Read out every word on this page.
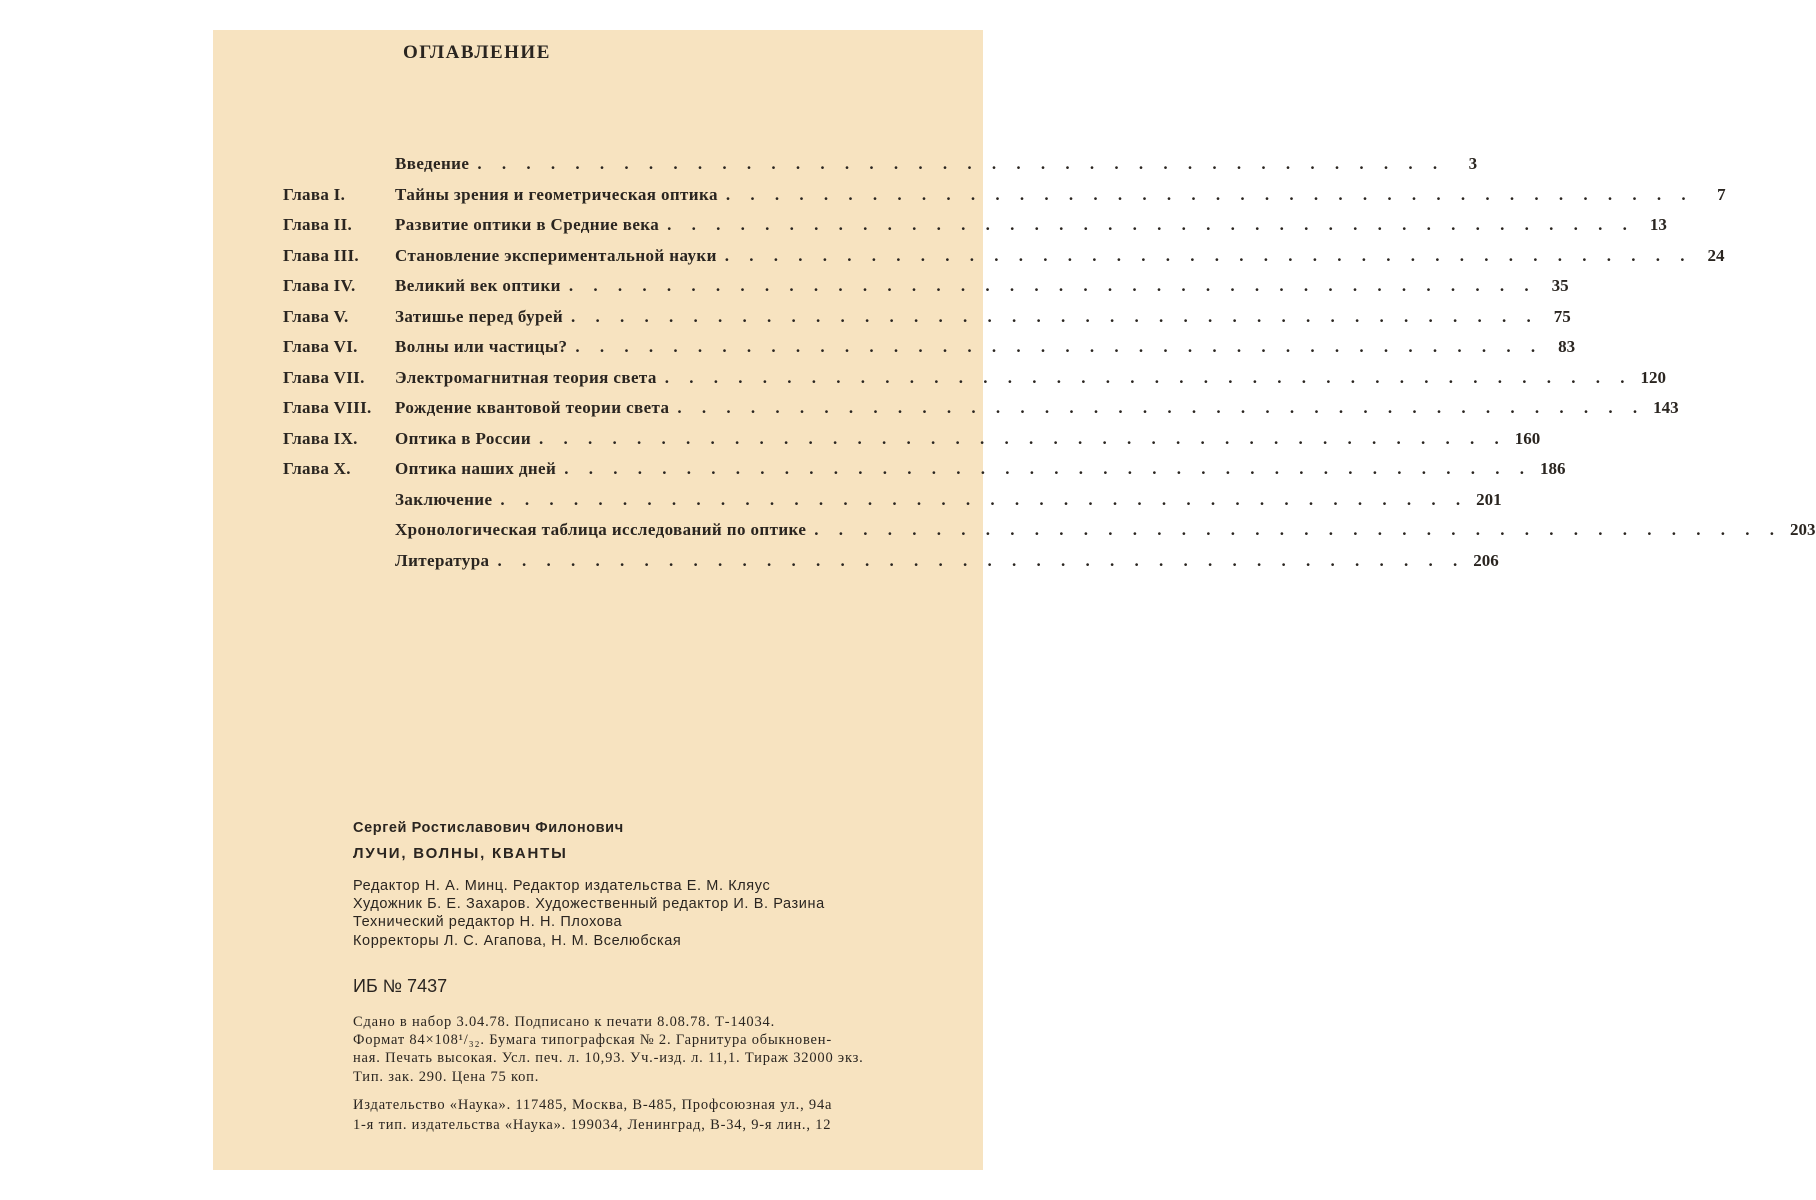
ОГЛАВЛЕНИЕ
Введение . . . . . . . . . . . . . . . . . . . . . . . . . . . . . . . . . . . . . . . .	3
Глава I.	Тайны зрения и геометрическая оптика . . . . . . . . . . . . . . . . . . . . . . . . . . . . . . . . . . . . . . . .	7
Глава II.	Развитие оптики в Средние века . . . . . . . . . . . . . . . . . . . . . . . . . . . . . . . . . . . . . . . . 13
Глава III.	Становление экспериментальной науки . . . . . . . . . . . . . . . . . . . . . . . . . . . . . . . . . . . . . . . . 24
Глава IV.	Великий век оптики . . . . . . . . . . . . . . . . . . . . . . . . . . . . . . . . . . . . . . . . 35
Глава V.	Затишье перед бурей . . . . . . . . . . . . . . . . . . . . . . . . . . . . . . . . . . . . . . . . 75
Глава VI.	Волны или частицы? . . . . . . . . . . . . . . . . . . . . . . . . . . . . . . . . . . . . . . . . 83
Глава VII.	Электромагнитная теория света . . . . . . . . . . . . . . . . . . . . . . . . . . . . . . . . . . . . . . . . 120
Глава VIII.	Рождение квантовой теории света . . . . . . . . . . . . . . . . . . . . . . . . . . . . . . . . . . . . . . . . 143
Глава IX.	Оптика в России . . . . . . . . . . . . . . . . . . . . . . . . . . . . . . . . . . . . . . . . 160
Глава X.	Оптика наших дней . . . . . . . . . . . . . . . . . . . . . . . . . . . . . . . . . . . . . . . . 186
Заключение . . . . . . . . . . . . . . . . . . . . . . . . . . . . . . . . . . . . . . . . 201
Хронологическая таблица исследований по оптике . . . . . . . . . . . . . . . . . . . . . . . . . . . . . . . . . . . . . . . . 203
Литература . . . . . . . . . . . . . . . . . . . . . . . . . . . . . . . . . . . . . . . . 206
Сергей Ростиславович Филонович
ЛУЧИ, ВОЛНЫ, КВАНТЫ
Редактор Н. А. Минц. Редактор издательства Е. М. Кляус
Художник Б. Е. Захаров. Художественный редактор И. В. Разина
Технический редактор Н. Н. Плохова
Корректоры Л. С. Агапова, Н. М. Вселюбская
ИБ № 7437
Сдано в набор 3.04.78. Подписано к печати 8.08.78. Т-14034.
Формат 84×108¹/₃₂. Бумага типографская № 2. Гарнитура обыкновен-
ная. Печать высокая. Усл. печ. л. 10,93. Уч.-изд. л. 11,1. Тираж 32000 экз.
Тип. зак. 290. Цена 75 коп.
Издательство «Наука». 117485, Москва, В-485, Профсоюзная ул., 94а
1-я тип. издательства «Наука». 199034, Ленинград, В-34, 9-я лин., 12
